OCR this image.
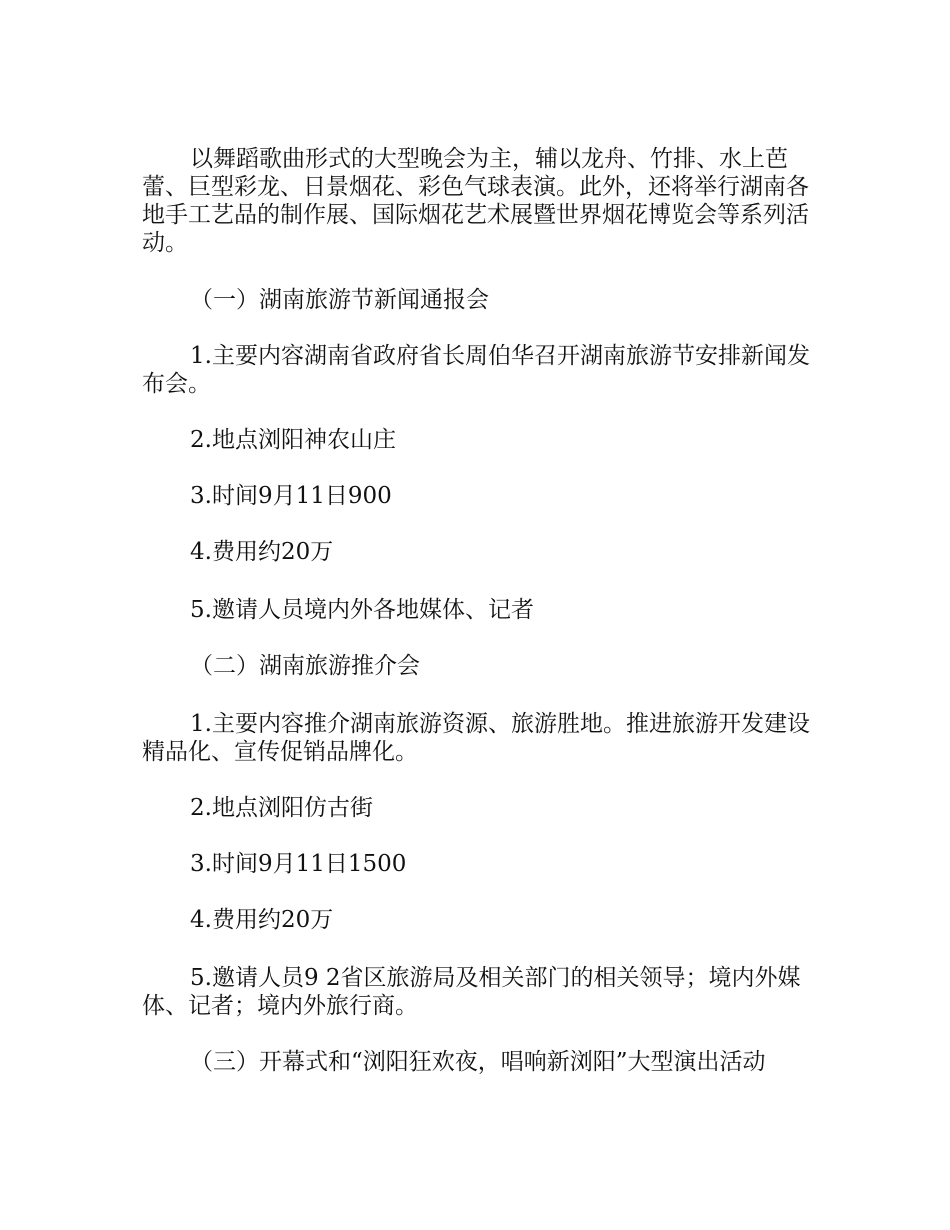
以舞蹈歌曲形式的大型晚会为主，辅以龙舟、竹排、水上芭蕾、巨型彩龙、日景烟花、彩色气球表演。此外，还将举行湖南各地手工艺品的制作展、国际烟花艺术展暨世界烟花博览会等系列活动。

（一）湖南旅游节新闻通报会

1.主要内容湖南省政府省长周伯华召开湖南旅游节安排新闻发布会。

2.地点浏阳神农山庄

3.时间9月11日900

4.费用约20万

5.邀请人员境内外各地媒体、记者

（二）湖南旅游推介会

1.主要内容推介湖南旅游资源、旅游胜地。推进旅游开发建设精品化、宣传促销品牌化。

2.地点浏阳仿古街

3.时间9月11日1500

4.费用约20万

5.邀请人员9 2省区旅游局及相关部门的相关领导；境内外媒体、记者；境内外旅行商。

（三）开幕式和“浏阳狂欢夜，唱响新浏阳”大型演出活动
